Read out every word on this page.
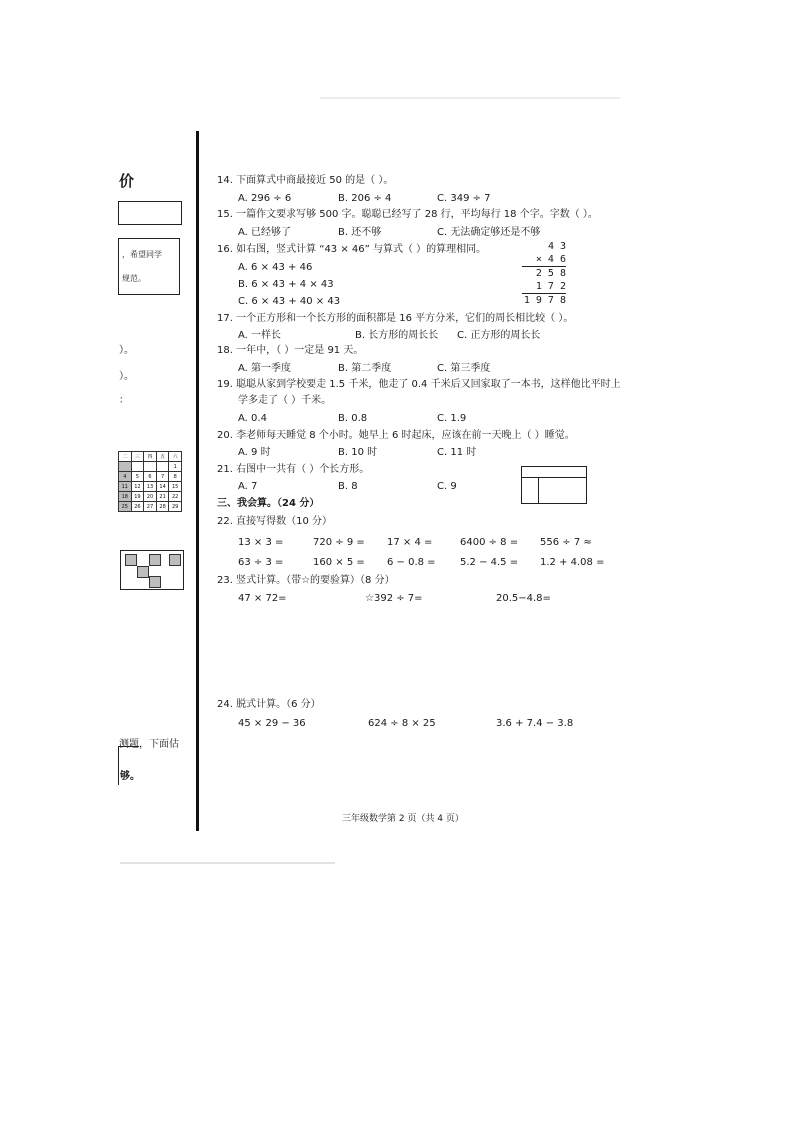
价
，希望同学
规范。
）。
）。
：
二	三	四	五	六
				1
4	5	6	7	8
11	12	13	14	15
18	19	20	21	22
25	26	27	28	29
测题，下面估
够。
14. 下面算式中商最接近 50 的是（ ）。
A. 296 ÷ 6	B. 206 ÷ 4	C. 349 ÷ 7
15. 一篇作文要求写够 500 字。聪聪已经写了 28 行，平均每行 18 个字。字数（ ）。
A. 已经够了	B. 还不够	C. 无法确定够还是不够
16. 如右图，竖式计算 “43 × 46” 与算式（ ）的算理相同。
A. 6 × 43 + 46
B. 6 × 43 + 4 × 43
C. 6 × 43 + 40 × 43
4 3
× 4 6
2 5 8
1 7 2
1 9 7 8
17. 一个正方形和一个长方形的面积都是 16 平方分米，它们的周长相比较（ ）。
A. 一样长	B. 长方形的周长长 C. 正方形的周长长
18. 一年中，（ ）一定是 91 天。
A. 第一季度	B. 第二季度	C. 第三季度
19. 聪聪从家到学校要走 1.5 千米，他走了 0.4 千米后又回家取了一本书，这样他比平时上
学多走了（ ）千米。
A. 0.4	B. 0.8	C. 1.9
20. 李老师每天睡觉 8 个小时。她早上 6 时起床，应该在前一天晚上（ ）睡觉。
A. 9 时	B. 10 时	C. 11 时
21. 右图中一共有（ ）个长方形。
A. 7	B. 8	C. 9
三、我会算。（24 分）
22. 直接写得数（10 分）
13 × 3 =	720 ÷ 9 = 17 × 4 =	6400 ÷ 8 = 556 ÷ 7 ≈
63 ÷ 3 =	160 × 5 = 6 − 0.8 = 5.2 − 4.5 = 1.2 + 4.08 =
23. 竖式计算。（带☆的要验算）（8 分）
47 × 72=	☆392 ÷ 7=	20.5−4.8=
24. 脱式计算。（6 分）
45 × 29 − 36	624 ÷ 8 × 25	3.6 + 7.4 − 3.8
三年级数学第 2 页（共 4 页）
